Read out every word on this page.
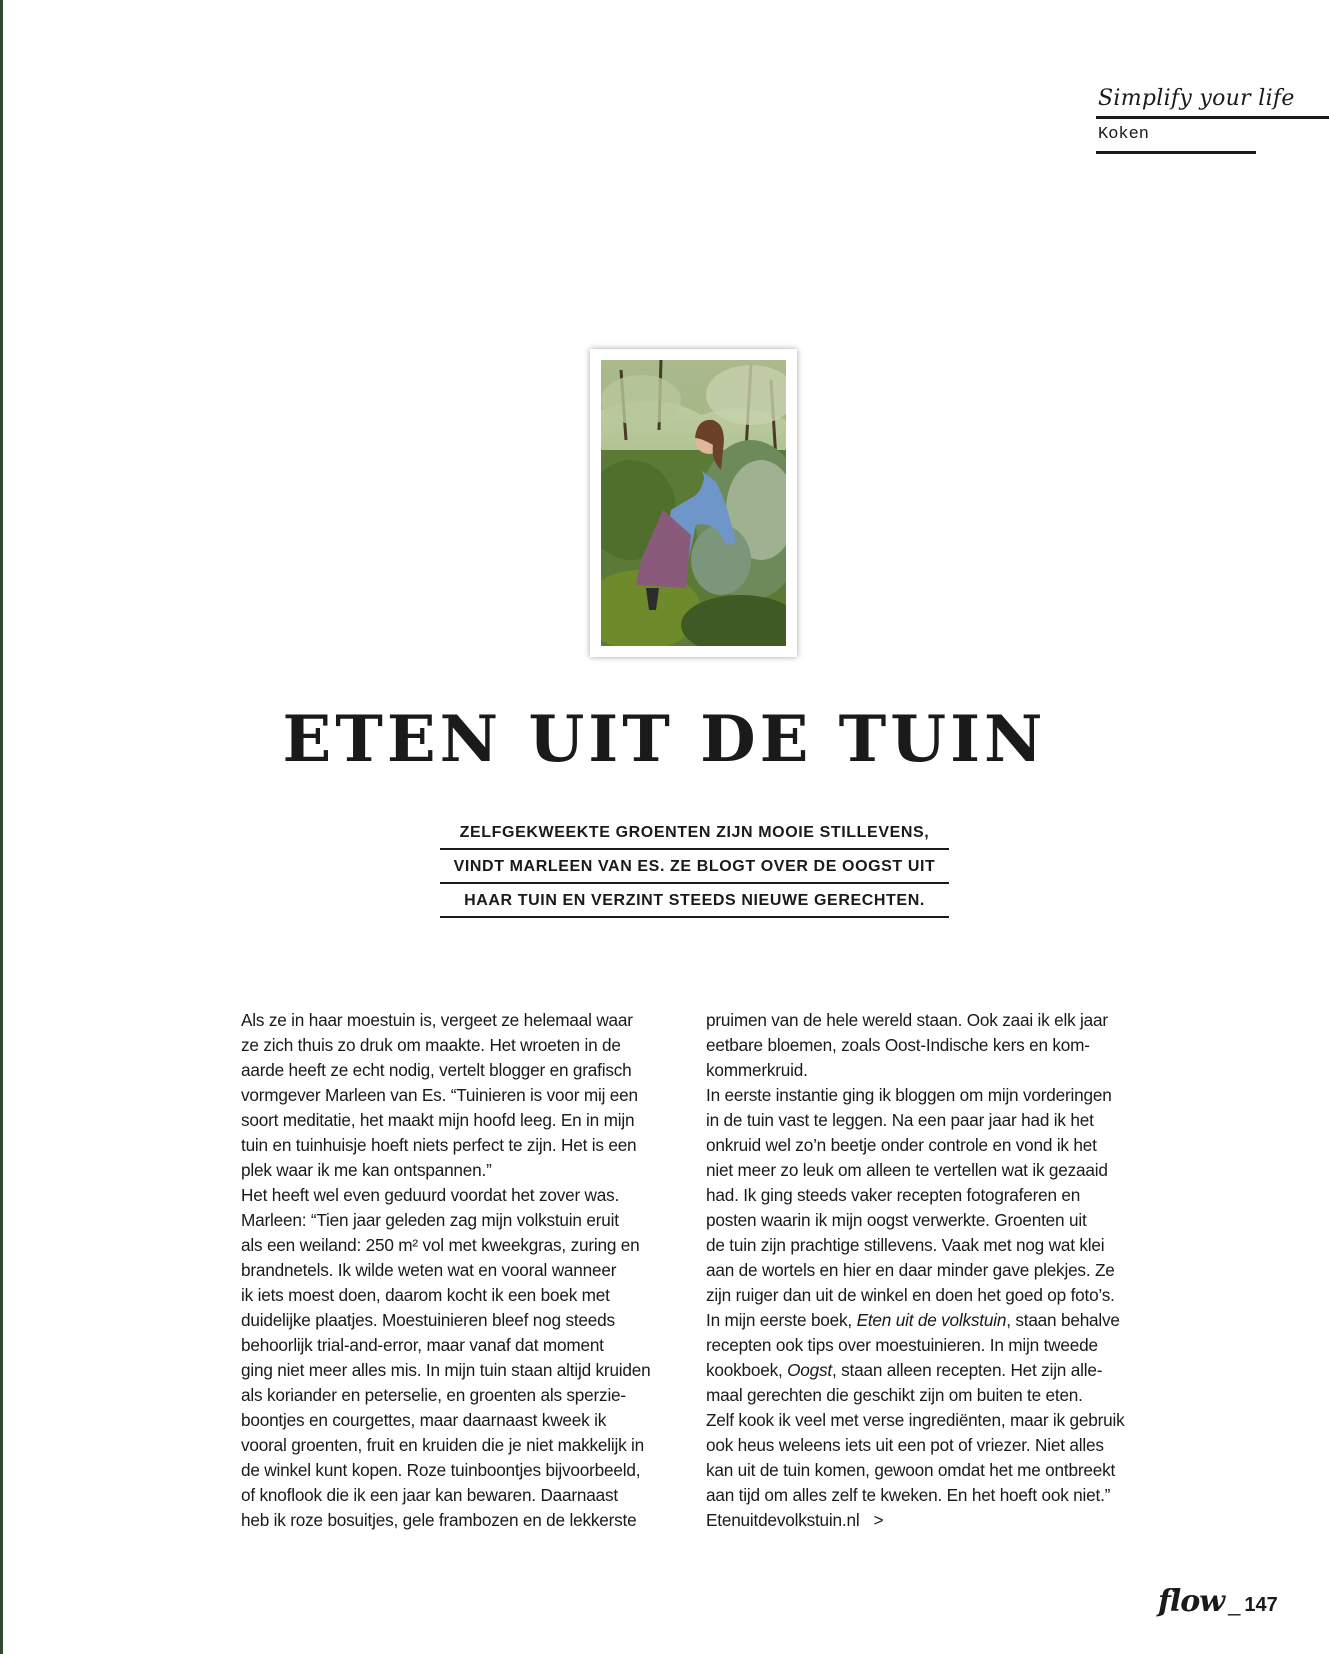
Simplify your life
Koken
ETEN UIT DE TUIN
ZELFGEKWEEKTE GROENTEN ZIJN MOOIE STILLEVENS,
VINDT MARLEEN VAN ES. ZE BLOGT OVER DE OOGST UIT
HAAR TUIN EN VERZINT STEEDS NIEUWE GERECHTEN.

Als ze in haar moestuin is, vergeet ze helemaal waar

ze zich thuis zo druk om maakte. Het wroeten in de

aarde heeft ze echt nodig, vertelt blogger en grafisch

vormgever Marleen van Es. “Tuinieren is voor mij een

soort meditatie, het maakt mijn hoofd leeg. En in mijn

tuin en tuinhuisje hoeft niets perfect te zijn. Het is een

plek waar ik me kan ontspannen.”

Het heeft wel even geduurd voordat het zover was.

Marleen: “Tien jaar geleden zag mijn volkstuin eruit

als een weiland: 250 m² vol met kweekgras, zuring en

brandnetels. Ik wilde weten wat en vooral wanneer

ik iets moest doen, daarom kocht ik een boek met

duidelijke plaatjes. Moestuinieren bleef nog steeds

behoorlijk trial-and-error, maar vanaf dat moment

ging niet meer alles mis. In mijn tuin staan altijd kruiden

als koriander en peterselie, en groenten als sperzie-

boontjes en courgettes, maar daarnaast kweek ik

vooral groenten, fruit en kruiden die je niet makkelijk in

de winkel kunt kopen. Roze tuinboontjes bijvoorbeeld,

of knoflook die ik een jaar kan bewaren. Daarnaast

heb ik roze bosuitjes, gele frambozen en de lekkerste

pruimen van de hele wereld staan. Ook zaai ik elk jaar

eetbare bloemen, zoals Oost-Indische kers en kom-

kommerkruid.

In eerste instantie ging ik bloggen om mijn vorderingen

in de tuin vast te leggen. Na een paar jaar had ik het

onkruid wel zo’n beetje onder controle en vond ik het

niet meer zo leuk om alleen te vertellen wat ik gezaaid

had. Ik ging steeds vaker recepten fotograferen en

posten waarin ik mijn oogst verwerkte. Groenten uit

de tuin zijn prachtige stillevens. Vaak met nog wat klei

aan de wortels en hier en daar minder gave plekjes. Ze

zijn ruiger dan uit de winkel en doen het goed op foto’s.

In mijn eerste boek, Eten uit de volkstuin, staan behalve

recepten ook tips over moestuinieren. In mijn tweede

kookboek, Oogst, staan alleen recepten. Het zijn alle-

maal gerechten die geschikt zijn om buiten te eten.

Zelf kook ik veel met verse ingrediënten, maar ik gebruik

ook heus weleens iets uit een pot of vriezer. Niet alles

kan uit de tuin komen, gewoon omdat het me ontbreekt

aan tijd om alles zelf te kweken. En het hoeft ook niet.”

Etenuitdevolkstuin.nl >

flow _ 147
